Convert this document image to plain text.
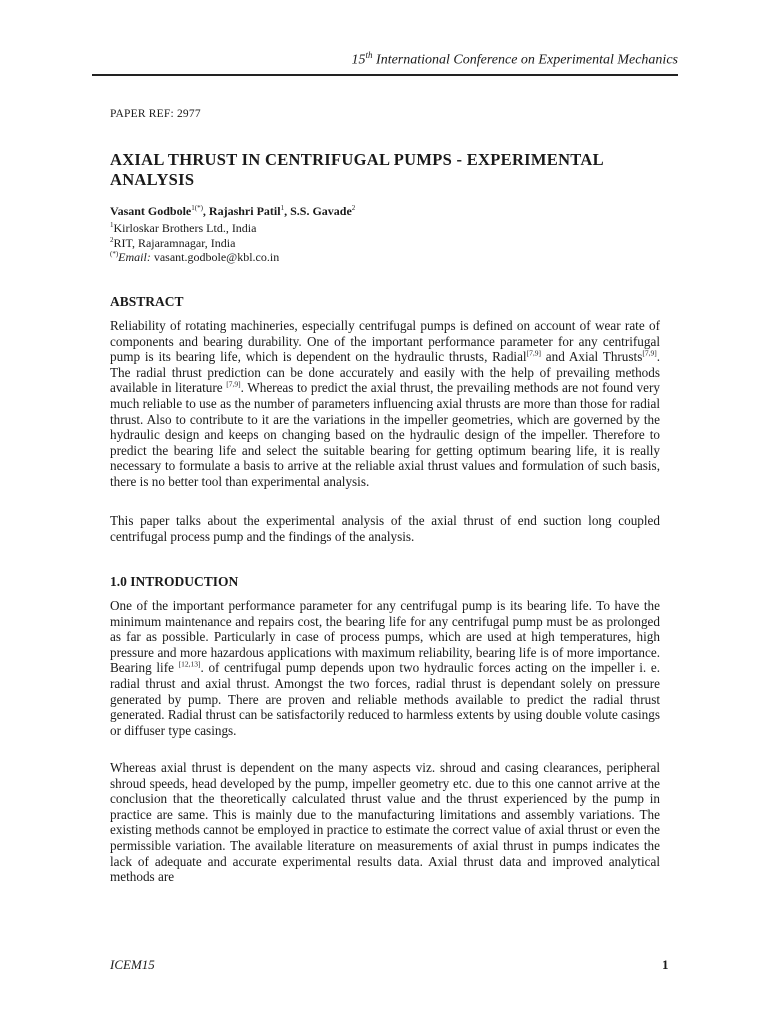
15th International Conference on Experimental Mechanics
PAPER REF: 2977
AXIAL THRUST IN CENTRIFUGAL PUMPS - EXPERIMENTAL ANALYSIS
Vasant Godbole$^{1(*)}$, Rajashri Patil$^1$, S.S. Gavade$^2$
$^1$Kirloskar Brothers Ltd., India
$^2$RIT, Rajaramnagar, India
(*)Email: vasant.godbole@kbl.co.in
ABSTRACT
Reliability of rotating machineries, especially centrifugal pumps is defined on account of wear rate of components and bearing durability. One of the important performance parameter for any centrifugal pump is its bearing life, which is dependent on the hydraulic thrusts, Radial[7,9] and Axial Thrusts[7,9]. The radial thrust prediction can be done accurately and easily with the help of prevailing methods available in literature [7,9]. Whereas to predict the axial thrust, the prevailing methods are not found very much reliable to use as the number of parameters influencing axial thrusts are more than those for radial thrust. Also to contribute to it are the variations in the impeller geometries, which are governed by the hydraulic design and keeps on changing based on the hydraulic design of the impeller. Therefore to predict the bearing life and select the suitable bearing for getting optimum bearing life, it is really necessary to formulate a basis to arrive at the reliable axial thrust values and formulation of such basis, there is no better tool than experimental analysis.
This paper talks about the experimental analysis of the axial thrust of end suction long coupled centrifugal process pump and the findings of the analysis.
1.0 INTRODUCTION
One of the important performance parameter for any centrifugal pump is its bearing life. To have the minimum maintenance and repairs cost, the bearing life for any centrifugal pump must be as prolonged as far as possible. Particularly in case of process pumps, which are used at high temperatures, high pressure and more hazardous applications with maximum reliability, bearing life is of more importance. Bearing life [12,13]. of centrifugal pump depends upon two hydraulic forces acting on the impeller i. e. radial thrust and axial thrust. Amongst the two forces, radial thrust is dependant solely on pressure generated by pump. There are proven and reliable methods available to predict the radial thrust generated. Radial thrust can be satisfactorily reduced to harmless extents by using double volute casings or diffuser type casings.
Whereas axial thrust is dependent on the many aspects viz. shroud and casing clearances, peripheral shroud speeds, head developed by the pump, impeller geometry etc. due to this one cannot arrive at the conclusion that the theoretically calculated thrust value and the thrust experienced by the pump in practice are same. This is mainly due to the manufacturing limitations and assembly variations. The existing methods cannot be employed in practice to estimate the correct value of axial thrust or even the permissible variation. The available literature on measurements of axial thrust in pumps indicates the lack of adequate and accurate experimental results data. Axial thrust data and improved analytical methods are
ICEM15	1
